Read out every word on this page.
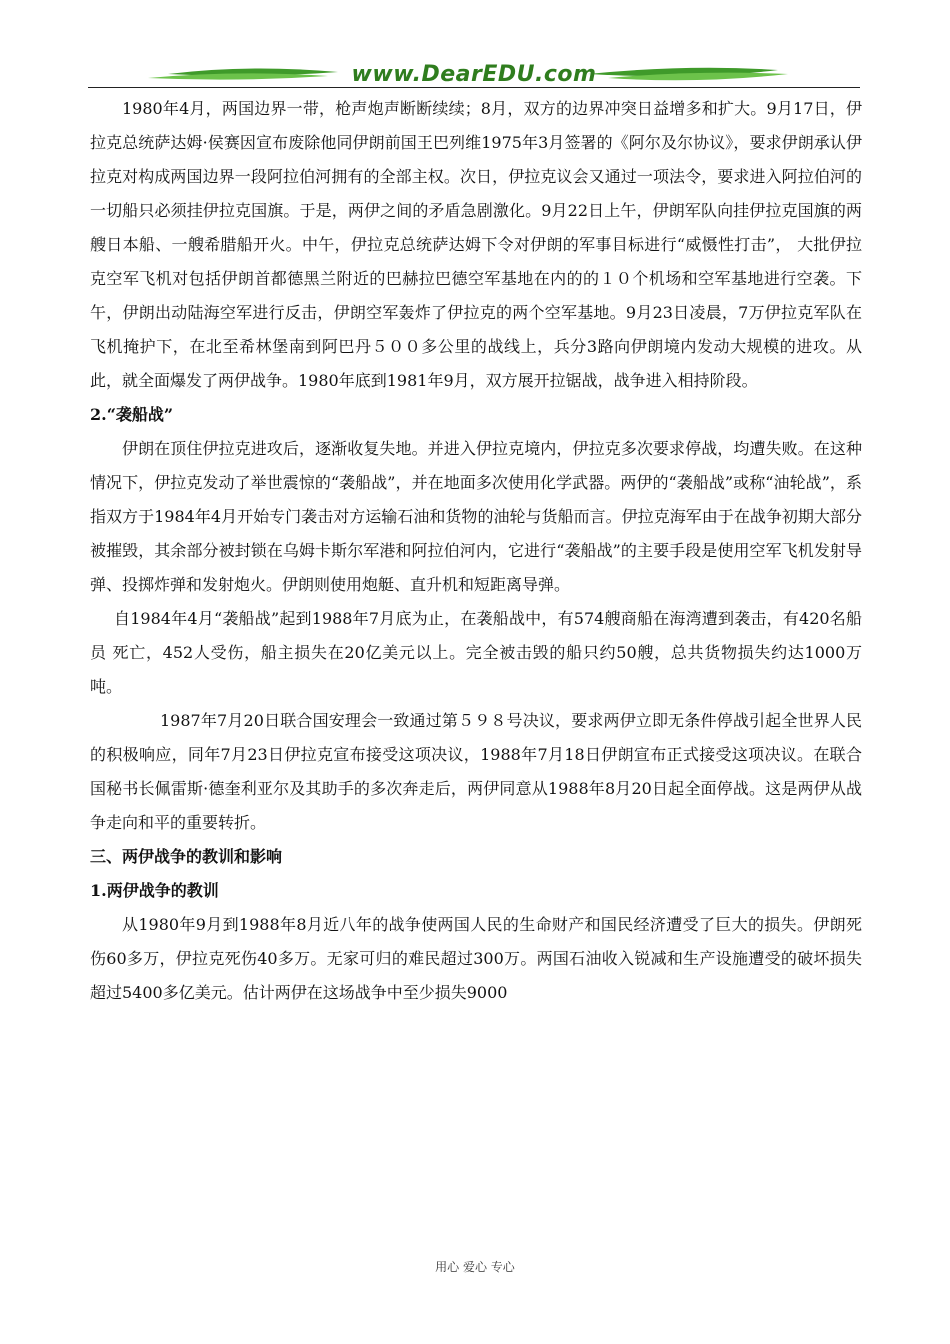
www.DearEDU.com

1980年4月，两国边界一带，枪声炮声断断续续；8月，双方的边界冲突日益增多和扩大。9月17日，伊拉克总统萨达姆·侯赛因宣布废除他同伊朗前国王巴列维1975年3月签署的《阿尔及尔协议》，要求伊朗承认伊拉克对构成两国边界一段阿拉伯河拥有的全部主权。次日，伊拉克议会又通过一项法令，要求进入阿拉伯河的一切船只必须挂伊拉克国旗。于是，两伊之间的矛盾急剧激化。9月22日上午，伊朗军队向挂伊拉克国旗的两艘日本船、一艘希腊船开火。中午，伊拉克总统萨达姆下令对伊朗的军事目标进行“威慑性打击”， 大批伊拉克空军飞机对包括伊朗首都德黑兰附近的巴赫拉巴德空军基地在内的的１０个机场和空军基地进行空袭。下午，伊朗出动陆海空军进行反击，伊朗空军轰炸了伊拉克的两个空军基地。9月23日凌晨，7万伊拉克军队在飞机掩护下，在北至希林堡南到阿巴丹５００多公里的战线上，兵分3路向伊朗境内发动大规模的进攻。从此，就全面爆发了两伊战争。1980年底到1981年9月，双方展开拉锯战，战争进入相持阶段。

2.“袭船战”

伊朗在顶住伊拉克进攻后，逐渐收复失地。并进入伊拉克境内，伊拉克多次要求停战，均遭失败。在这种情况下，伊拉克发动了举世震惊的“袭船战”，并在地面多次使用化学武器。两伊的“袭船战”或称“油轮战”，系指双方于1984年4月开始专门袭击对方运输石油和货物的油轮与货船而言。伊拉克海军由于在战争初期大部分被摧毁，其余部分被封锁在乌姆卡斯尔军港和阿拉伯河内，它进行“袭船战”的主要手段是使用空军飞机发射导弹、投掷炸弹和发射炮火。伊朗则使用炮艇、直升机和短距离导弹。

自1984年4月“袭船战”起到1988年7月底为止，在袭船战中，有574艘商船在海湾遭到袭击，有420名船员 死亡，452人受伤，船主损失在20亿美元以上。完全被击毁的船只约50艘，总共货物损失约达1000万吨。

1987年7月20日联合国安理会一致通过第５９８号决议，要求两伊立即无条件停战引起全世界人民的积极响应，同年7月23日伊拉克宣布接受这项决议，1988年7月18日伊朗宣布正式接受这项决议。在联合国秘书长佩雷斯·德奎利亚尔及其助手的多次奔走后，两伊同意从1988年8月20日起全面停战。这是两伊从战争走向和平的重要转折。

三、两伊战争的教训和影响
1.两伊战争的教训

从1980年9月到1988年8月近八年的战争使两国人民的生命财产和国民经济遭受了巨大的损失。伊朗死伤60多万，伊拉克死伤40多万。无家可归的难民超过300万。两国石油收入锐减和生产设施遭受的破坏损失超过5400多亿美元。估计两伊在这场战争中至少损失9000

用心 爱心 专心
